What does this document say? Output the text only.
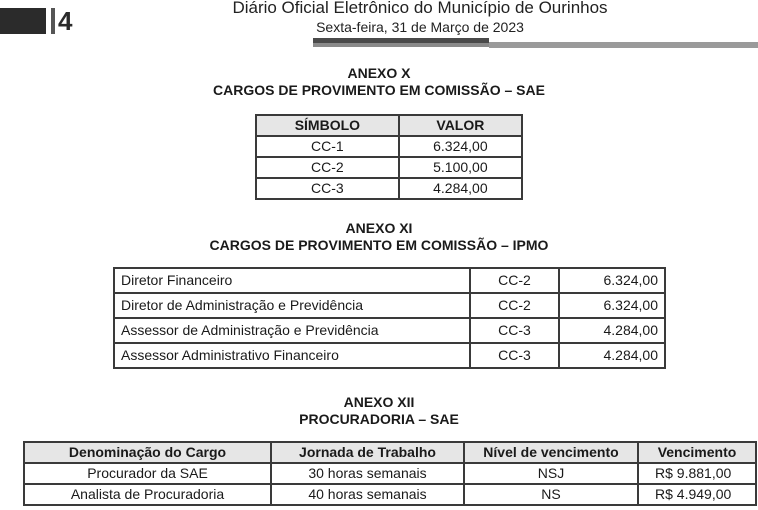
4	Diário Oficial Eletrônico do Município de Ourinhos
Sexta-feira, 31 de Março de 2023
ANEXO X
CARGOS DE PROVIMENTO EM COMISSÃO – SAE
SÍMBOLO	VALOR
CC-1	6.324,00
CC-2	5.100,00
CC-3	4.284,00
ANEXO XI
CARGOS DE PROVIMENTO EM COMISSÃO – IPMO
Diretor Financeiro	CC-2	6.324,00
Diretor de Administração e Previdência	CC-2	6.324,00
Assessor de Administração e Previdência	CC-3	4.284,00
Assessor Administrativo Financeiro	CC-3	4.284,00
ANEXO XII
PROCURADORIA – SAE
Denominação do Cargo	Jornada de Trabalho	Nível de vencimento	Vencimento
Procurador da SAE	30 horas semanais	NSJ	R$ 9.881,00
Analista de Procuradoria	40 horas semanais	NS	R$ 4.949,00
